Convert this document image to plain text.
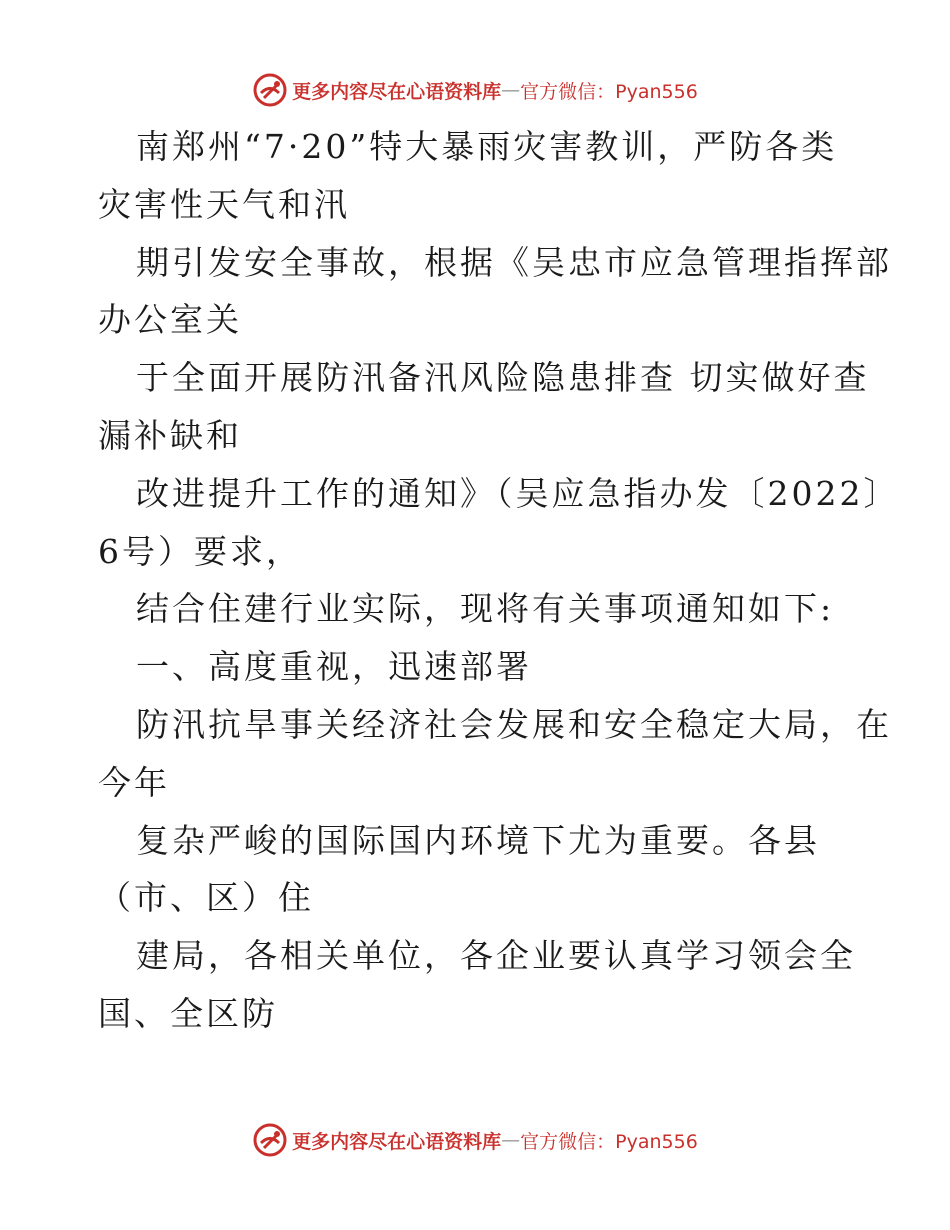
更多内容尽在心语资料库 — 官方微信：Pyan556
南郑州“7·20”特大暴雨灾害教训，严防各类
灾害性天气和汛
期引发安全事故，根据《吴忠市应急管理指挥部
办公室关
于全面开展防汛备汛风险隐患排查 切实做好查
漏补缺和
改进提升工作的通知》（吴应急指办发〔2022〕
6号）要求，
结合住建行业实际，现将有关事项通知如下:
一、高度重视，迅速部署
防汛抗旱事关经济社会发展和安全稳定大局，在
今年
复杂严峻的国际国内环境下尤为重要。各县
（市、区）住
建局，各相关单位，各企业要认真学习领会全
国、全区防
更多内容尽在心语资料库 — 官方微信：Pyan556
